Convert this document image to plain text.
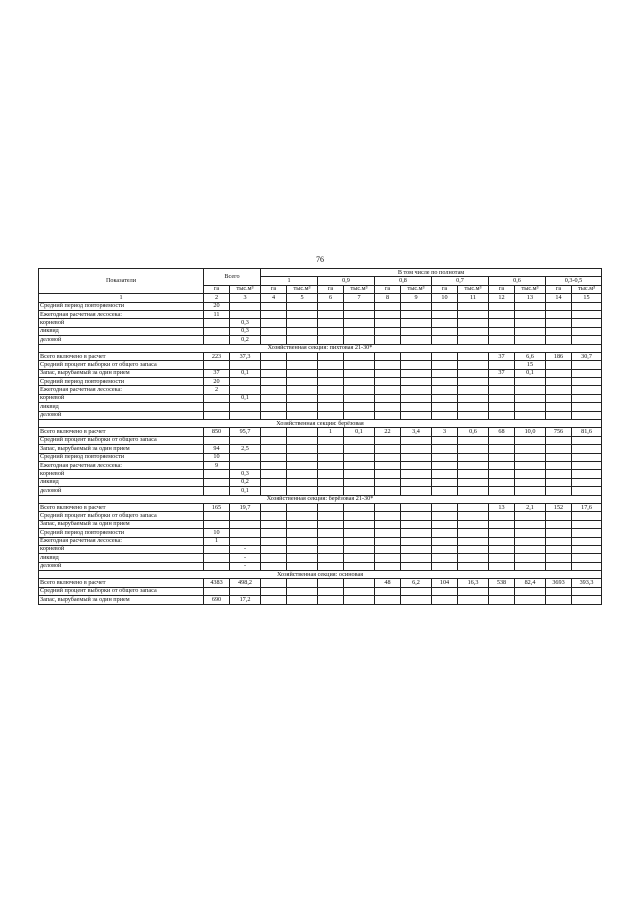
76
Показатели	Всего		В том числе по полнотам											
			1		0,9		0,8		0,7		0,6		0,3-0,5	
	га	тыс.м³	га	тыс.м³	га	тыс.м³	га	тыс.м³	га	тыс.м³	га	тыс.м³	га	тыс.м³
1	2	3	4	5	6	7	8	9	10	11	12	13	14	15
Средний период повторяемости	20													
Ежегодная расчетная лесосека:	11													
корневой		0,3												
ликвид		0,3												
деловой		0,2												
Хозяйственная секция: пихтовая 21-30*														
Всего включено в расчет	223	37,3									37	6,6	186	30,7
Средний процент выборки от общего запаса												15		
Запас, вырубаемый за один прием	37	0,1									37	0,1		
Средний период повторяемости	20													
Ежегодная расчетная лесосека:	2													
корневой		0,1												
ликвид														
деловой														
Хозяйственная секция: берёзовая														
Всего включено в расчет	850	95,7			1	0,1	22	3,4	3	0,6	68	10,0	756	81,6
Средний процент выборки от общего запаса														
Запас, вырубаемый за один прием	94	2,5												
Средний период повторяемости	10													
Ежегодная расчетная лесосека:	9													
корневой		0,3												
ликвид		0,2												
деловой		0,1												
Хозяйственная секция: берёзовая 21-30*														
Всего включено в расчет	165	19,7									13	2,1	152	17,6
Средний процент выборки от общего запаса														
Запас, вырубаемый за один прием														
Средний период повторяемости	10													
Ежегодная расчетная лесосека:	1													
корневой		-												
ликвид		-												
деловой		-												
Хозяйственная секция: осиновая														
Всего включено в расчет	4383	498,2					48	6,2	104	16,3	538	82,4	3693	393,3
Средний процент выборки от общего запаса														
Запас, вырубаемый за один прием	690	17,2												
